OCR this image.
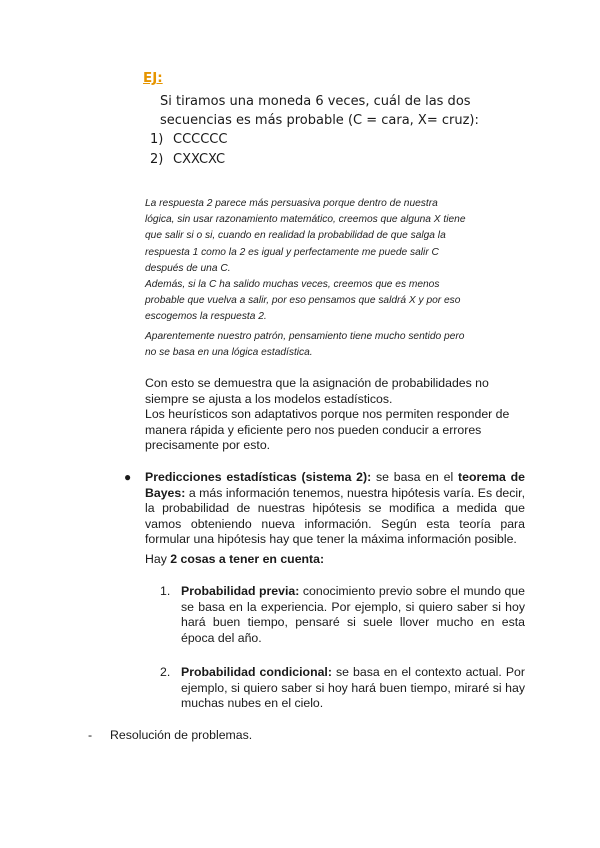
EJ:
Si tiramos una moneda 6 veces, cuál de las dos
secuencias es más probable (C = cara, X= cruz):
1) CCCCCC
2) CXXCXC
La respuesta 2 parece más persuasiva porque dentro de nuestra
lógica, sin usar razonamiento matemático, creemos que alguna X tiene
que salir si o si, cuando en realidad la probabilidad de que salga la
respuesta 1 como la 2 es igual y perfectamente me puede salir C
después de una C.
Además, si la C ha salido muchas veces, creemos que es menos
probable que vuelva a salir, por eso pensamos que saldrá X y por eso
escogemos la respuesta 2.
Aparentemente nuestro patrón, pensamiento tiene mucho sentido pero
no se basa en una lógica estadística.
Con esto se demuestra que la asignación de probabilidades no
siempre se ajusta a los modelos estadísticos.
Los heurísticos son adaptativos porque nos permiten responder de
manera rápida y eficiente pero nos pueden conducir a errores
precisamente por esto.
● Predicciones estadísticas (sistema 2): se basa en el teorema de Bayes: a más información tenemos, nuestra hipótesis varía. Es decir, la probabilidad de nuestras hipótesis se modifica a medida que vamos obteniendo nueva información. Según esta teoría para formular una hipótesis hay que tener la máxima información posible.
Hay 2 cosas a tener en cuenta:
1. Probabilidad previa: conocimiento previo sobre el mundo que se basa en la experiencia. Por ejemplo, si quiero saber si hoy hará buen tiempo, pensaré si suele llover mucho en esta época del año.
2. Probabilidad condicional: se basa en el contexto actual. Por ejemplo, si quiero saber si hoy hará buen tiempo, miraré si hay muchas nubes en el cielo.
- Resolución de problemas.
